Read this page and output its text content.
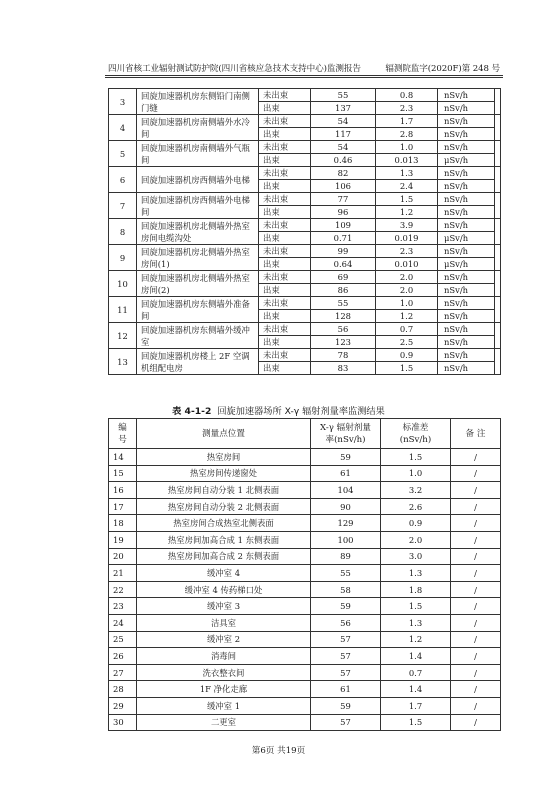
四川省核工业辐射测试防护院(四川省核应急技术支持中心)监测报告	辐测院监字(2020F)第 248 号
3	回旋加速器机房东侧铅门南侧门缝	未出束	55	0.8	nSv/h	
		出束	137	2.3	nSv/h	
4	回旋加速器机房南侧墙外水冷间	未出束	54	1.7	nSv/h	
		出束	117	2.8	nSv/h	
5	回旋加速器机房南侧墙外气瓶间	未出束	54	1.0	nSv/h	
		出束	0.46	0.013	μSv/h	
6	回旋加速器机房西侧墙外电梯	未出束	82	1.3	nSv/h	
		出束	106	2.4	nSv/h	
7	回旋加速器机房西侧墙外电梯间	未出束	77	1.5	nSv/h	
		出束	96	1.2	nSv/h	
8	回旋加速器机房北侧墙外热室房间电缆沟处	未出束	109	3.9	nSv/h	
		出束	0.71	0.019	μSv/h	
9	回旋加速器机房北侧墙外热室房间(1)	未出束	99	2.3	nSv/h	
		出束	0.64	0.010	μSv/h	
10	回旋加速器机房北侧墙外热室房间(2)	未出束	69	2.0	nSv/h	
		出束	86	2.0	nSv/h	
11	回旋加速器机房东侧墙外准备间	未出束	55	1.0	nSv/h	
		出束	128	1.2	nSv/h	
12	回旋加速器机房东侧墙外缓冲室	未出束	56	0.7	nSv/h	
		出束	123	2.5	nSv/h	
13	回旋加速器机房楼上 2F 空调机组配电房	未出束	78	0.9	nSv/h	
		出束	83	1.5	nSv/h	
表 4-1-2 回旋加速器场所 X-γ 辐射剂量率监测结果
编号	测量点位置	X-γ 辐射剂量率(nSv/h)	标准差(nSv/h)	备 注
14	热室房间	59	1.5	/
15	热室房间传递窗处	61	1.0	/
16	热室房间自动分装 1 北侧表面	104	3.2	/
17	热室房间自动分装 2 北侧表面	90	2.6	/
18	热室房间合成热室北侧表面	129	0.9	/
19	热室房间加高合成 1 东侧表面	100	2.0	/
20	热室房间加高合成 2 东侧表面	89	3.0	/
21	缓冲室 4	55	1.3	/
22	缓冲室 4 传药梯口处	58	1.8	/
23	缓冲室 3	59	1.5	/
24	洁具室	56	1.3	/
25	缓冲室 2	57	1.2	/
26	消毒间	57	1.4	/
27	洗衣整衣间	57	0.7	/
28	1F 净化走廊	61	1.4	/
29	缓冲室 1	59	1.7	/
30	二更室	57	1.5	/
第6页 共19页
